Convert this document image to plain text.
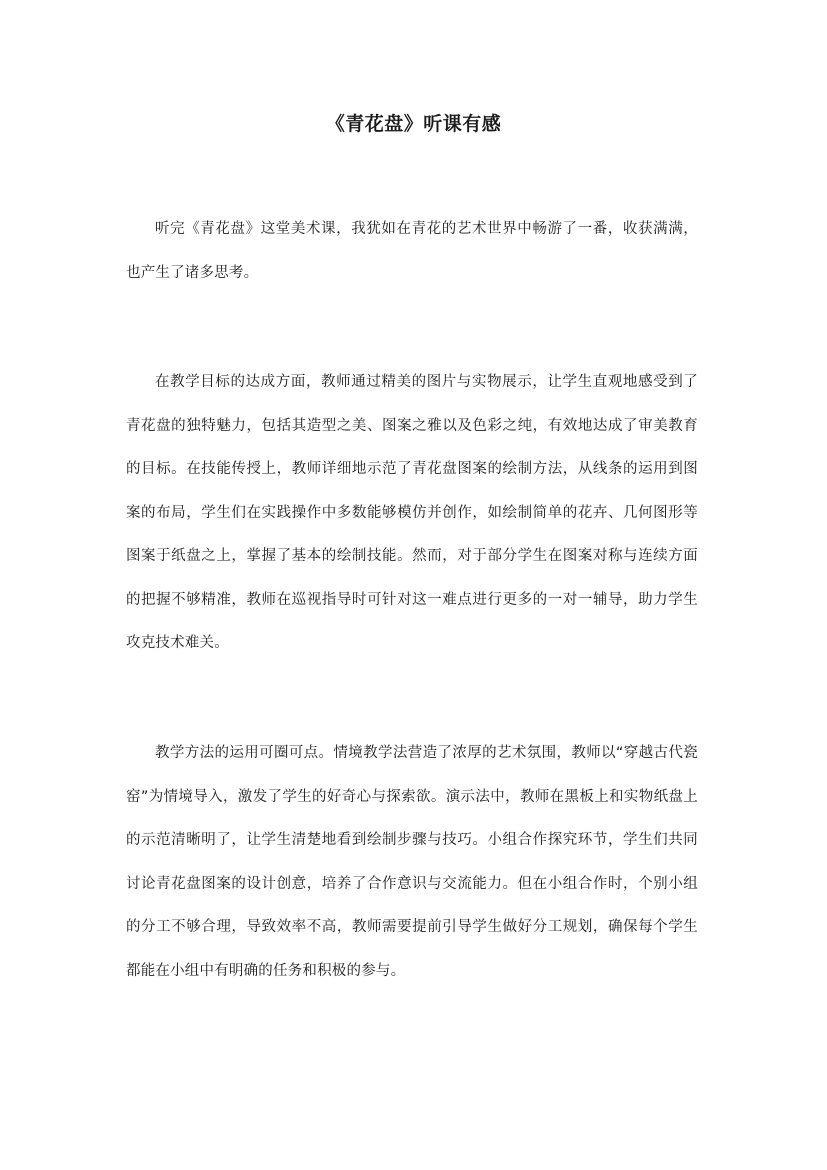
《青花盘》听课有感

听完《青花盘》这堂美术课，我犹如在青花的艺术世界中畅游了一番，收获满满，也产生了诸多思考。

在教学目标的达成方面，教师通过精美的图片与实物展示，让学生直观地感受到了青花盘的独特魅力，包括其造型之美、图案之雅以及色彩之纯，有效地达成了审美教育的目标。在技能传授上，教师详细地示范了青花盘图案的绘制方法，从线条的运用到图案的布局，学生们在实践操作中多数能够模仿并创作，如绘制简单的花卉、几何图形等图案于纸盘之上，掌握了基本的绘制技能。然而，对于部分学生在图案对称与连续方面的把握不够精准，教师在巡视指导时可针对这一难点进行更多的一对一辅导，助力学生攻克技术难关。

教学方法的运用可圈可点。情境教学法营造了浓厚的艺术氛围，教师以“穿越古代瓷窑”为情境导入，激发了学生的好奇心与探索欲。演示法中，教师在黑板上和实物纸盘上的示范清晰明了，让学生清楚地看到绘制步骤与技巧。小组合作探究环节，学生们共同讨论青花盘图案的设计创意，培养了合作意识与交流能力。但在小组合作时，个别小组的分工不够合理，导致效率不高，教师需要提前引导学生做好分工规划，确保每个学生都能在小组中有明确的任务和积极的参与。
